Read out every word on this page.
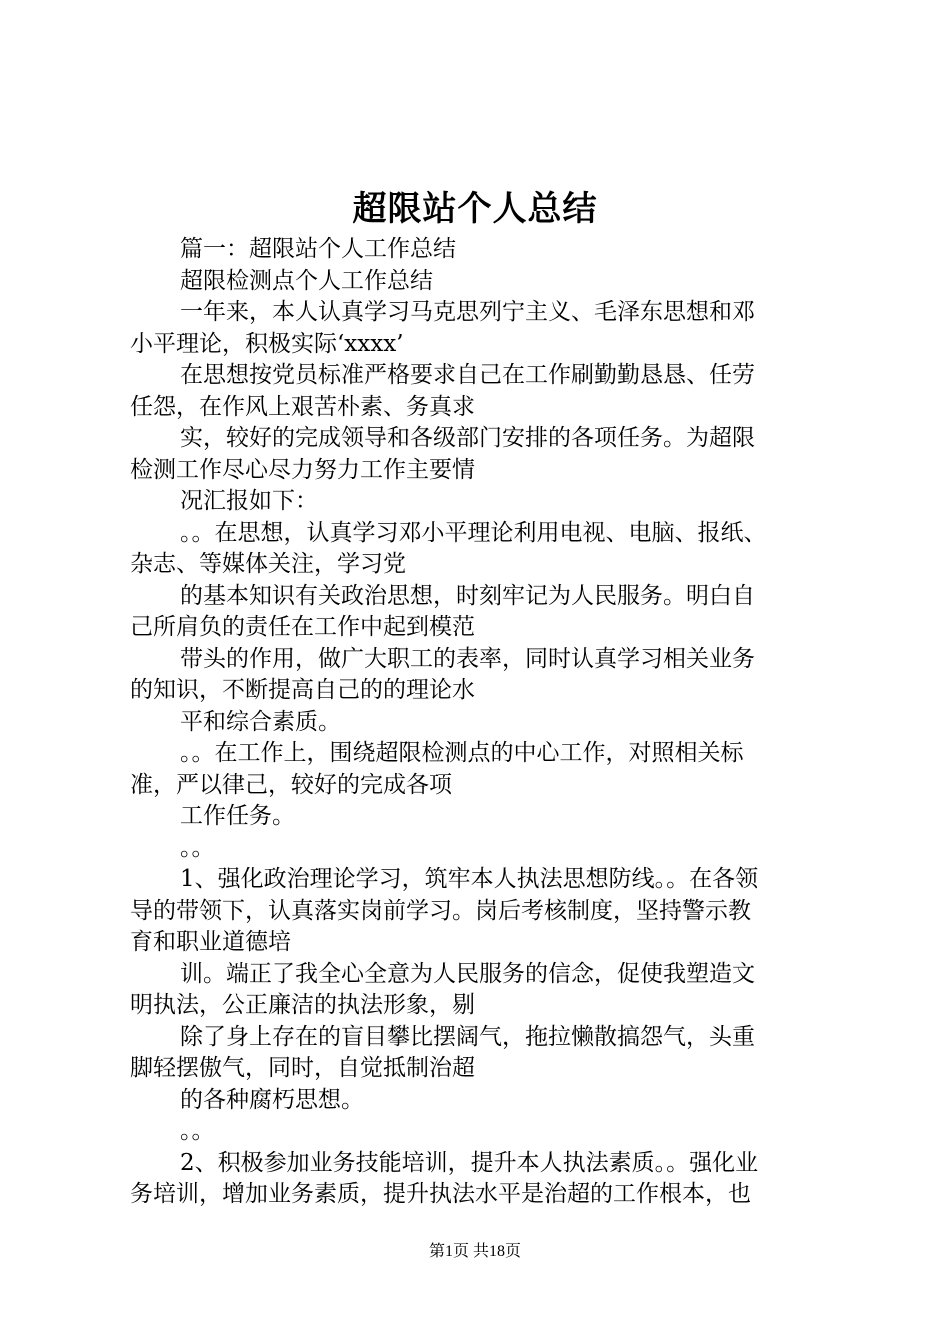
超限站个人总结

篇一：超限站个人工作总结

超限检测点个人工作总结

一年来，本人认真学习马克思列宁主义、毛泽东思想和邓

小平理论，积极实际‘xxxx’

在思想按党员标准严格要求自己在工作刷勤勤恳恳、任劳

任怨，在作风上艰苦朴素、务真求

实，较好的完成领导和各级部门安排的各项任务。为超限

检测工作尽心尽力努力工作主要情

况汇报如下：

。。在思想，认真学习邓小平理论利用电视、电脑、报纸、

杂志、等媒体关注，学习党

的基本知识有关政治思想，时刻牢记为人民服务。明白自

己所肩负的责任在工作中起到模范

带头的作用，做广大职工的表率，同时认真学习相关业务

的知识，不断提高自己的的理论水

平和综合素质。

。。在工作上，围绕超限检测点的中心工作，对照相关标

准，严以律己，较好的完成各项

工作任务。

。。

1、强化政治理论学习，筑牢本人执法思想防线。。在各领

导的带领下，认真落实岗前学习。岗后考核制度，坚持警示教

育和职业道德培

训。端正了我全心全意为人民服务的信念，促使我塑造文

明执法，公正廉洁的执法形象，剔

除了身上存在的盲目攀比摆阔气，拖拉懒散搞怨气，头重

脚轻摆傲气，同时，自觉抵制治超

的各种腐朽思想。

。。

2、积极参加业务技能培训，提升本人执法素质。。强化业

务培训，增加业务素质，提升执法水平是治超的工作根本，也

第1页 共18页
